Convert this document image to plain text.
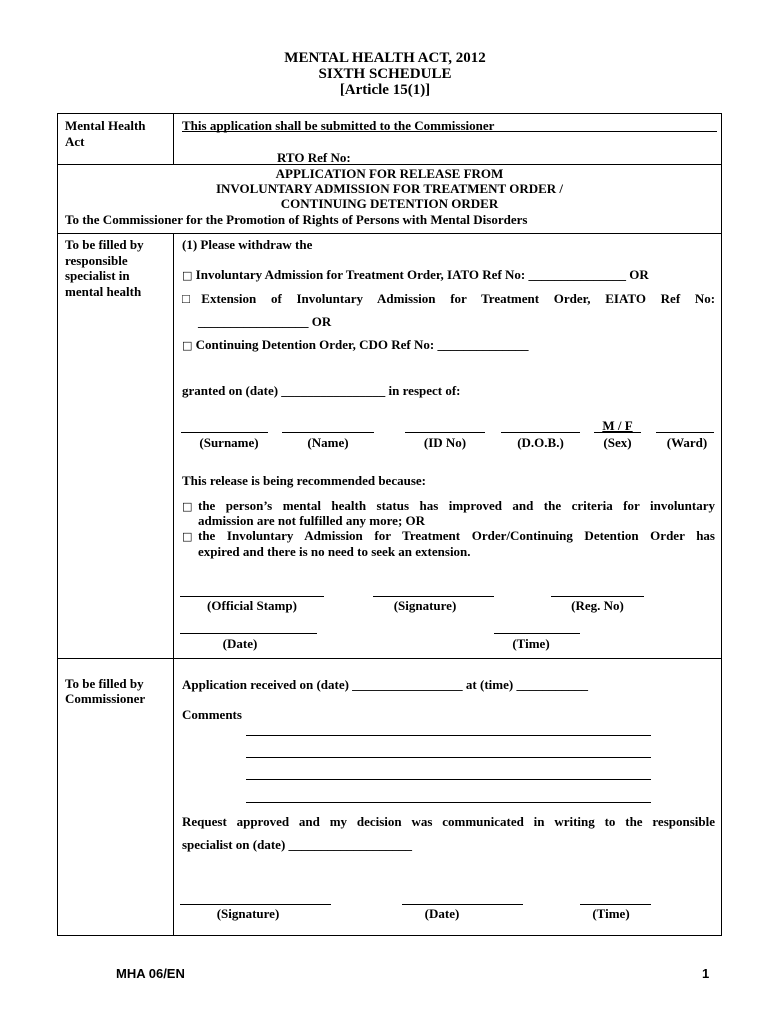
MENTAL HEALTH ACT, 2012
SIXTH SCHEDULE
[Article 15(1)]
Mental Health
Act
This application shall be submitted to the Commissioner
RTO Ref No:
APPLICATION FOR RELEASE FROM
INVOLUNTARY ADMISSION FOR TREATMENT ORDER /
CONTINUING DETENTION ORDER
To the Commissioner for the Promotion of Rights of Persons with Mental Disorders
To be filled by
responsible
specialist in
mental health
(1) Please withdraw the
□ Involuntary Admission for Treatment Order, IATO Ref No: _______________ OR
□Extension of Involuntary Admission for Treatment Order, EIATO Ref No:
_________________ OR
□ Continuing Detention Order, CDO Ref No: ______________
granted on (date) ________________ in respect of:
M / F
(Surname)	(Name)	(ID No)	(D.O.B.)	(Sex)	(Ward)
This release is being recommended because:
□ the person’s mental health status has improved and the criteria for involuntary
admission are not fulfilled any more; OR
□ the Involuntary Admission for Treatment Order/Continuing Detention Order has
expired and there is no need to seek an extension.
(Official Stamp)	(Signature)	(Reg. No)
(Date)	(Time)
To be filled by
Commissioner
Application received on (date) _________________ at (time) ___________
Comments
Request approved and my decision was communicated in writing to the responsible
specialist on (date) ___________________
(Signature)	(Date)	(Time)
MHA 06/EN	1
